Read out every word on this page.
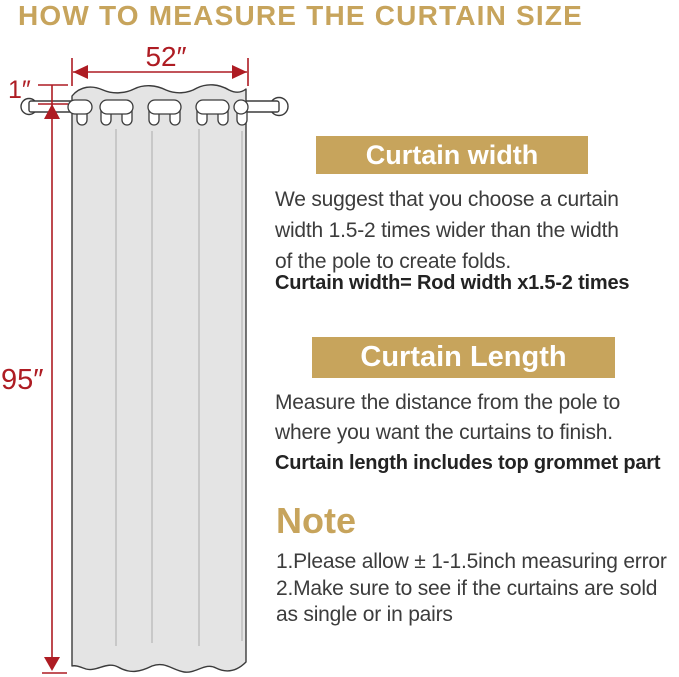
HOW TO MEASURE THE CURTAIN SIZE
52″
1″
95″
Curtain width

We suggest that you choose a curtain
width 1.5-2 times wider than the width
of the pole to create folds.

Curtain width= Rod width x1.5-2 times

Curtain Length

Measure the distance from the pole to
where you want the curtains to finish.

Curtain length includes top grommet part

Note

1.Please allow ± 1-1.5inch measuring error
2.Make sure to see if the curtains are sold
as single or in pairs
